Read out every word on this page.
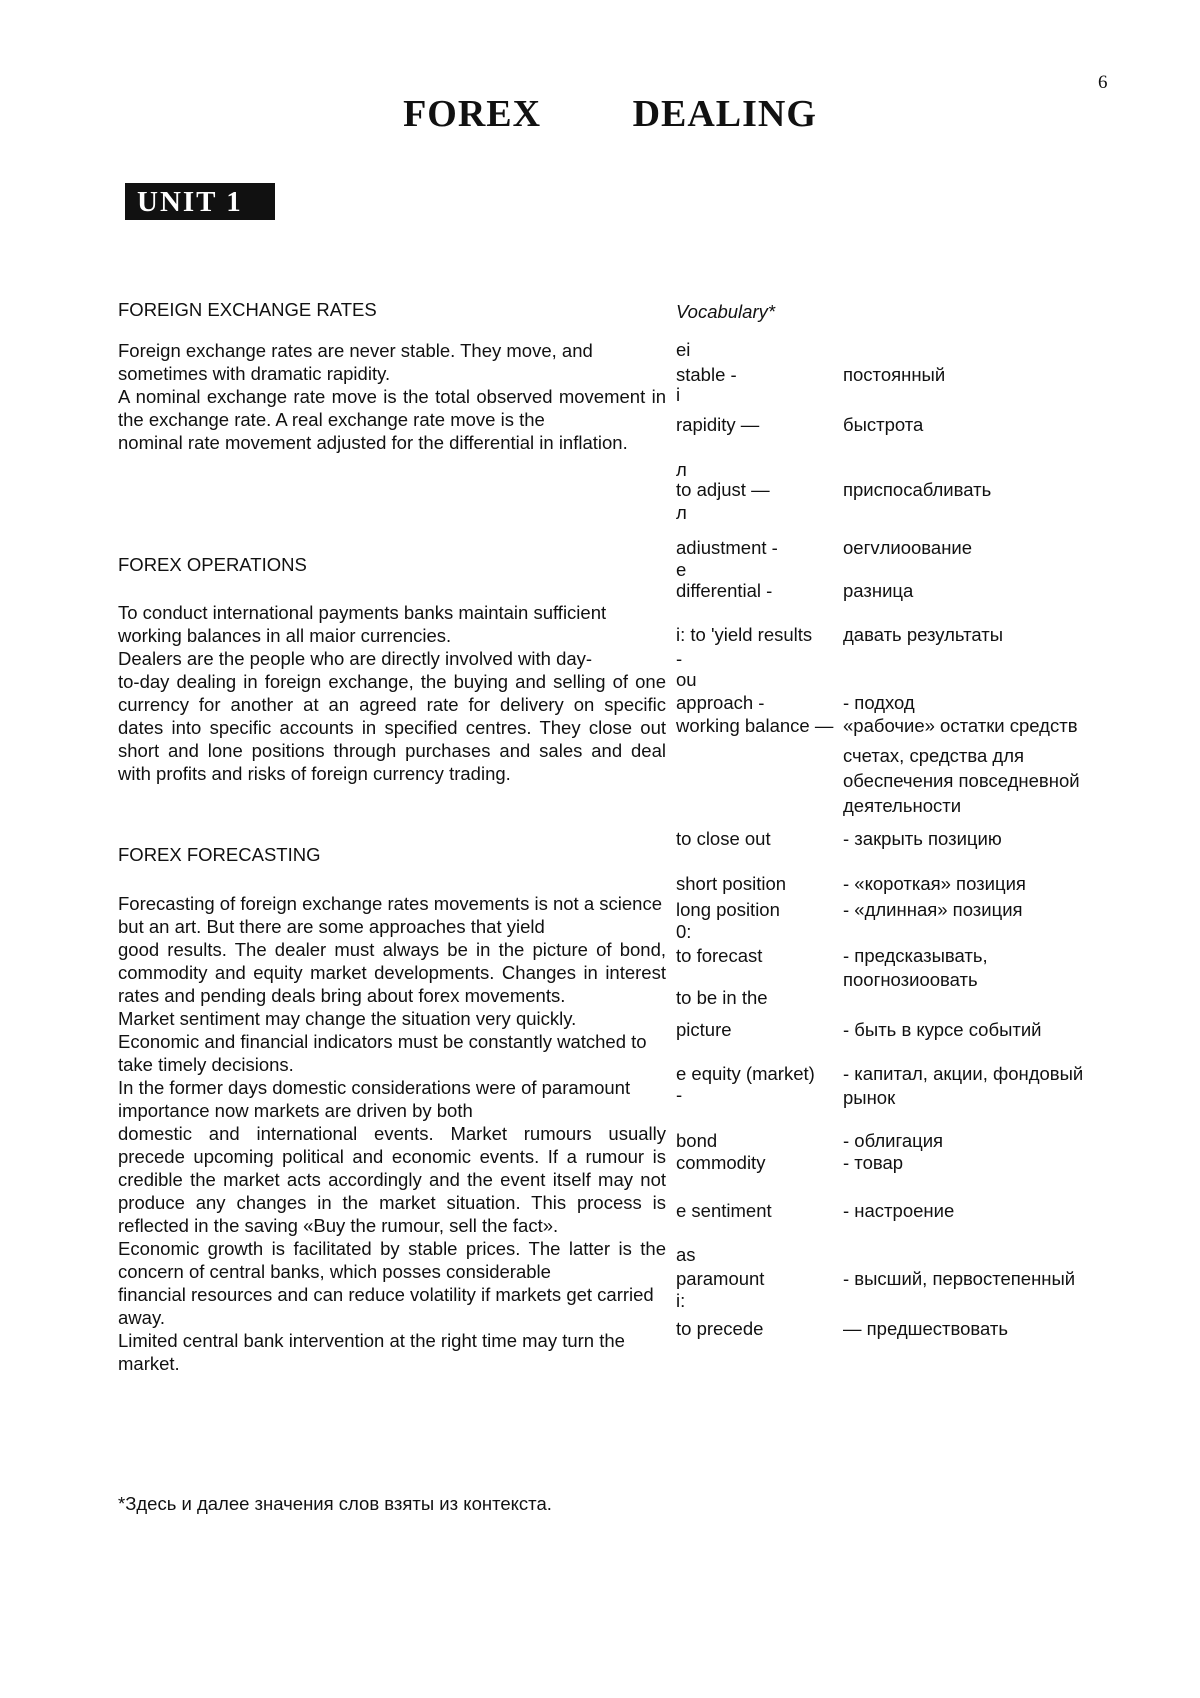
6
FOREX   DEALING
UNIT 1

FOREIGN EXCHANGE RATES

Foreign exchange rates are never stable. They move, and sometimes with dramatic rapidity.

A nominal exchange rate move is the total observed movement in the exchange rate. A real exchange rate move is the

nominal rate movement adjusted for the differential in inflation.

FOREX OPERATIONS

To conduct international payments banks maintain sufficient working balances in all maior currencies.

Dealers are the people who are directly involved with day-

to-day dealing in foreign exchange, the buying and selling of one currency for another at an agreed rate for delivery on specific dates into specific accounts in specified centres. They close out short and lone positions through purchases and sales and deal with profits and risks of foreign currency trading.

FOREX FORECASTING

Forecasting of foreign exchange rates movements is not a science but an art. But there are some approaches that yield

good results. The dealer must always be in the picture of bond, commodity and equity market developments. Changes in interest rates and pending deals bring about forex movements.

Market sentiment may change the situation very quickly.

Economic and financial indicators must be constantly watched to take timely decisions.

In the former days domestic considerations were of paramount importance now markets are driven by both

domestic and international events. Market rumours usually precede upcoming political and economic events. If a rumour is credible the market acts accordingly and the event itself may not produce any changes in the market situation. This process is reflected in the saving «Buy the rumour, sell the fact».

Economic growth is facilitated by stable prices. The latter is the concern of central banks, which posses considerable

financial resources and can reduce volatility if markets get carried away.

Limited central bank intervention at the right time may turn the market.

Vocabulary*
ei
stable -	постоянный
i
rapidity —	быстрота
л
to adjust —	приспосабливать
л
adiustment -	оегvлиоование
e
differential -	разница
i: to 'yield results давать результаты
-
ou
approach -	- подход
working balance — «рабочие» остатки средств
счетах, средства для
обеспечения повседневной
деятельности
to close out	- закрыть позицию
short position	- «короткая» позиция
long position	- «длинная» позиция
0:
to forecast	- предсказывать,
поогнозиоовать
to be in the
picture	- быть в курсе событий
e equity (market) - капитал, акции, фондовый
-	рынок
bond	- облигация
commodity	- товар
e sentiment	- настроение
as
paramount	- высший, первостепенный
i:
to precede	— предшествовать
*Здесь и далее значения слов взяты из контекста.
